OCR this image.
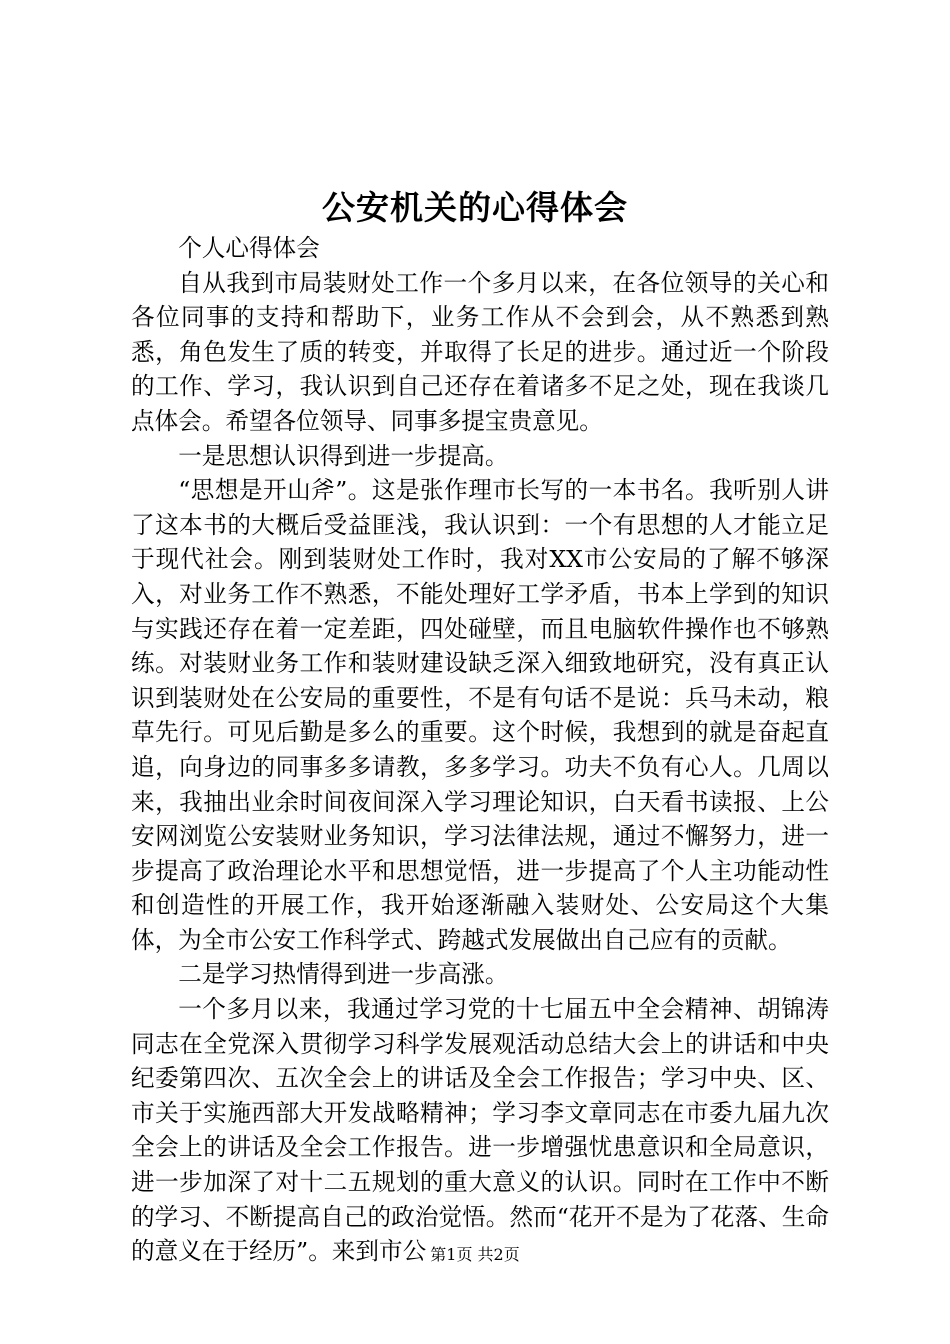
公安机关的心得体会

个人心得体会

自从我到市局装财处工作一个多月以来，在各位领导的关心和各位同事的支持和帮助下，业务工作从不会到会，从不熟悉到熟悉，角色发生了质的转变，并取得了长足的进步。通过近一个阶段的工作、学习，我认识到自己还存在着诸多不足之处，现在我谈几点体会。希望各位领导、同事多提宝贵意见。

一是思想认识得到进一步提高。

“思想是开山斧”。这是张作理市长写的一本书名。我听别人讲了这本书的大概后受益匪浅，我认识到：一个有思想的人才能立足于现代社会。刚到装财处工作时，我对XX市公安局的了解不够深入，对业务工作不熟悉，不能处理好工学矛盾，书本上学到的知识与实践还存在着一定差距，四处碰壁，而且电脑软件操作也不够熟练。对装财业务工作和装财建设缺乏深入细致地研究，没有真正认识到装财处在公安局的重要性，不是有句话不是说：兵马未动，粮草先行。可见后勤是多么的重要。这个时候，我想到的就是奋起直追，向身边的同事多多请教，多多学习。功夫不负有心人。几周以来，我抽出业余时间夜间深入学习理论知识，白天看书读报、上公安网浏览公安装财业务知识，学习法律法规，通过不懈努力，进一步提高了政治理论水平和思想觉悟，进一步提高了个人主功能动性和创造性的开展工作，我开始逐渐融入装财处、公安局这个大集体，为全市公安工作科学式、跨越式发展做出自己应有的贡献。

二是学习热情得到进一步高涨。

一个多月以来，我通过学习党的十七届五中全会精神、胡锦涛同志在全党深入贯彻学习科学发展观活动总结大会上的讲话和中央纪委第四次、五次全会上的讲话及全会工作报告；学习中央、区、市关于实施西部大开发战略精神；学习李文章同志在市委九届九次全会上的讲话及全会工作报告。进一步增强忧患意识和全局意识，进一步加深了对十二五规划的重大意义的认识。同时在工作中不断的学习、不断提高自己的政治觉悟。然而“花开不是为了花落、生命的意义在于经历”。来到市公 第1页 共2页
